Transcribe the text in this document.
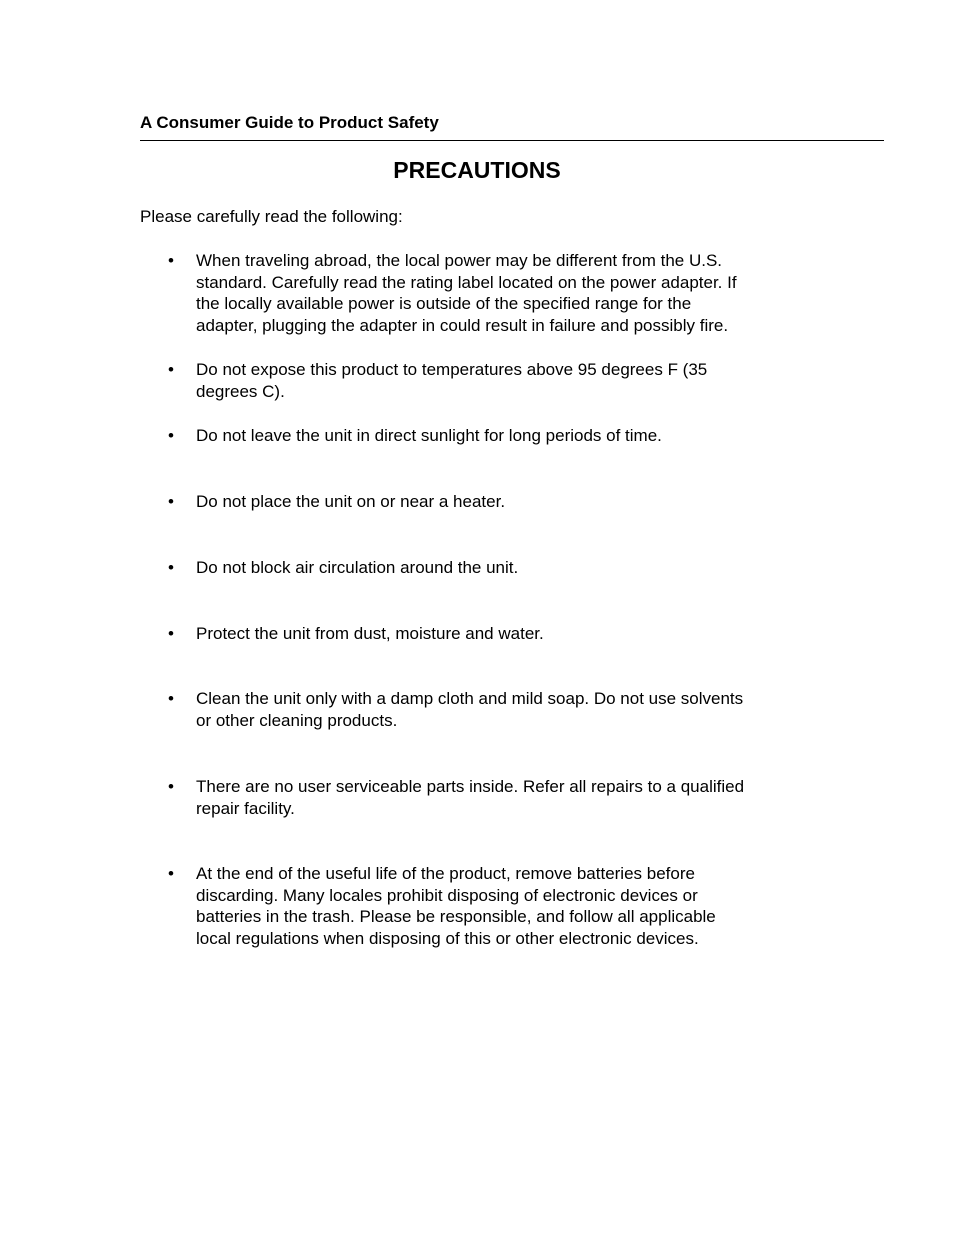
A Consumer Guide to Product Safety
PRECAUTIONS
Please carefully read the following:
• When traveling abroad, the local power may be different from the U.S.
standard. Carefully read the rating label located on the power adapter. If
the locally available power is outside of the specified range for the
adapter, plugging the adapter in could result in failure and possibly fire.
• Do not expose this product to temperatures above 95 degrees F (35
degrees C).
• Do not leave the unit in direct sunlight for long periods of time.
• Do not place the unit on or near a heater.
• Do not block air circulation around the unit.
• Protect the unit from dust, moisture and water.
• Clean the unit only with a damp cloth and mild soap. Do not use solvents
or other cleaning products.
• There are no user serviceable parts inside. Refer all repairs to a qualified
repair facility.
• At the end of the useful life of the product, remove batteries before
discarding. Many locales prohibit disposing of electronic devices or
batteries in the trash. Please be responsible, and follow all applicable
local regulations when disposing of this or other electronic devices.
